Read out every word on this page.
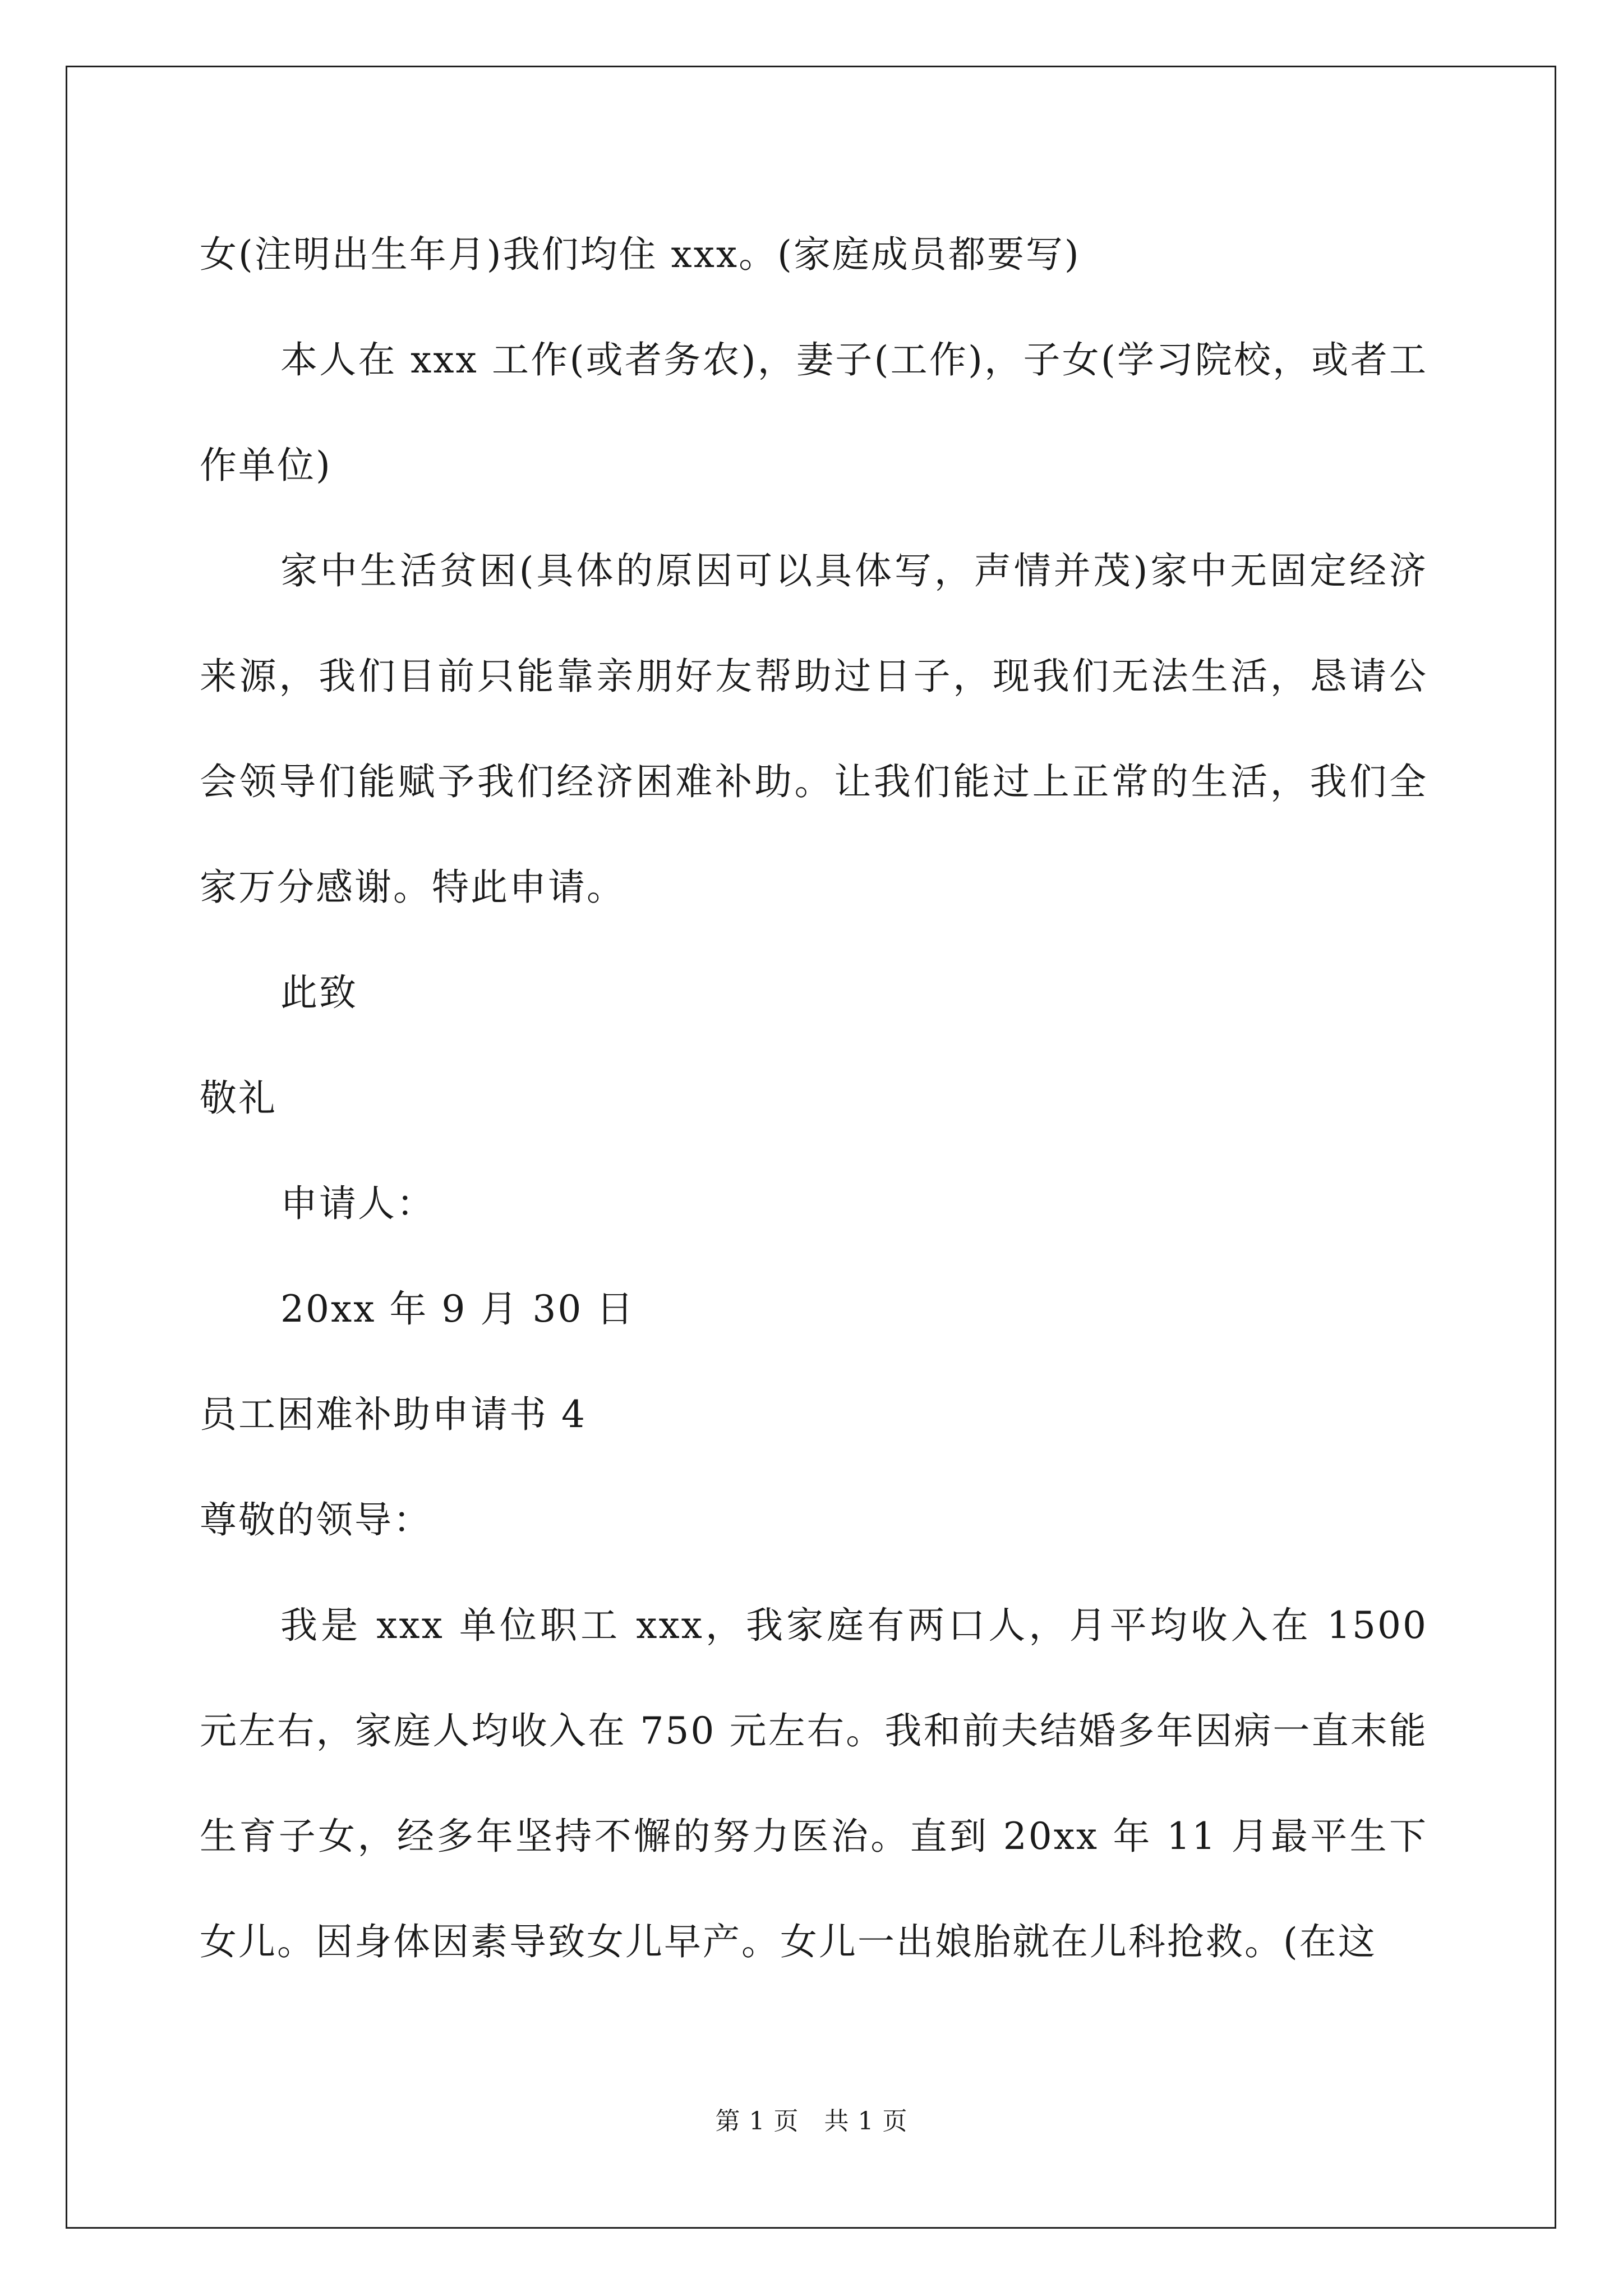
女(注明出生年月)我们均住 xxx。(家庭成员都要写)

本人在 xxx 工作(或者务农)，妻子(工作)，子女(学习院校，或者工作单位)

家中生活贫困(具体的原因可以具体写，声情并茂)家中无固定经济来源，我们目前只能靠亲朋好友帮助过日子，现我们无法生活，恳请公会领导们能赋予我们经济困难补助。让我们能过上正常的生活，我们全家万分感谢。特此申请。

此致

敬礼

申请人：

20xx 年 9 月 30 日

员工困难补助申请书 4

尊敬的领导：

我是 xxx 单位职工 xxx，我家庭有两口人，月平均收入在 1500 元左右，家庭人均收入在 750 元左右。我和前夫结婚多年因病一直末能生育子女，经多年坚持不懈的努力医治。直到 20xx 年 11 月最平生下女儿。因身体因素导致女儿早产。女儿一出娘胎就在儿科抢救。(在这

第 1 页　共 1 页
